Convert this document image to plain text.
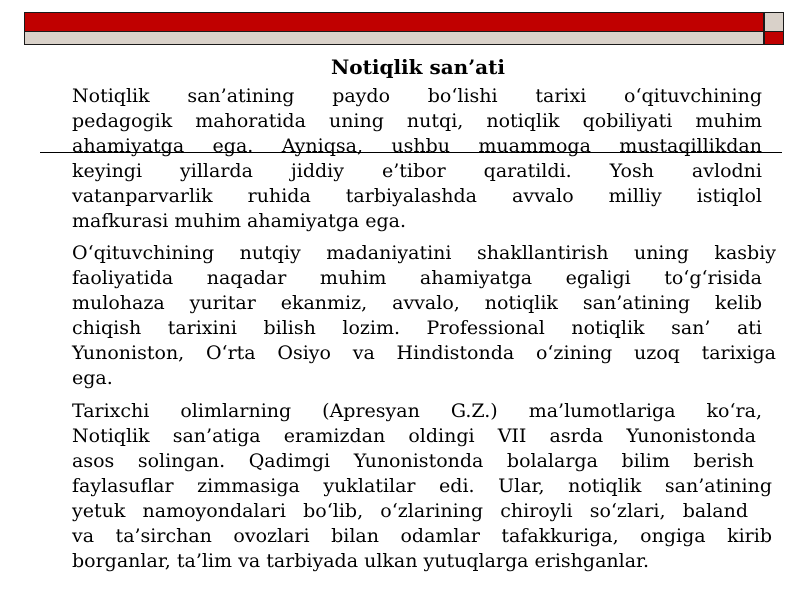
Notiqlik san’ati
Notiqlik san’atining paydo bo‘lishi tarixi o‘qituvchining
pedagogik mahoratida uning nutqi, notiqlik qobiliyati muhim
ahamiyatga ega. Ayniqsa, ushbu muammoga mustaqillikdan
keyingi yillarda jiddiy e’tibor qaratildi. Yosh avlodni
vatanparvarlik ruhida tarbiyalashda avvalo milliy istiqlol
mafkurasi muhim ahamiyatga ega.
O‘qituvchining nutqiy madaniyatini shakllantirish uning kasbiy
faoliyatida naqadar muhim ahamiyatga egaligi to‘g‘risida
mulohaza yuritar ekanmiz, avvalo, notiqlik san’atining kelib
chiqish tarixini bilish lozim. Professional notiqlik san’ ati
Yunoniston, O‘rta Osiyo va Hindistonda o‘zining uzoq tarixiga
ega.
Tarixchi olimlarning (Apresyan G.Z.) ma’lumotlariga ko‘ra,
Notiqlik san’atiga eramizdan oldingi VII asrda Yunonistonda
asos solingan. Qadimgi Yunonistonda bolalarga bilim berish
faylasuflar zimmasiga yuklatilar edi. Ular, notiqlik san’atining
yetuk namoyondalari bo‘lib, o‘zlarining chiroyli so‘zlari, baland
va ta’sirchan ovozlari bilan odamlar tafakkuriga, ongiga kirib
borganlar, ta’lim va tarbiyada ulkan yutuqlarga erishganlar.
